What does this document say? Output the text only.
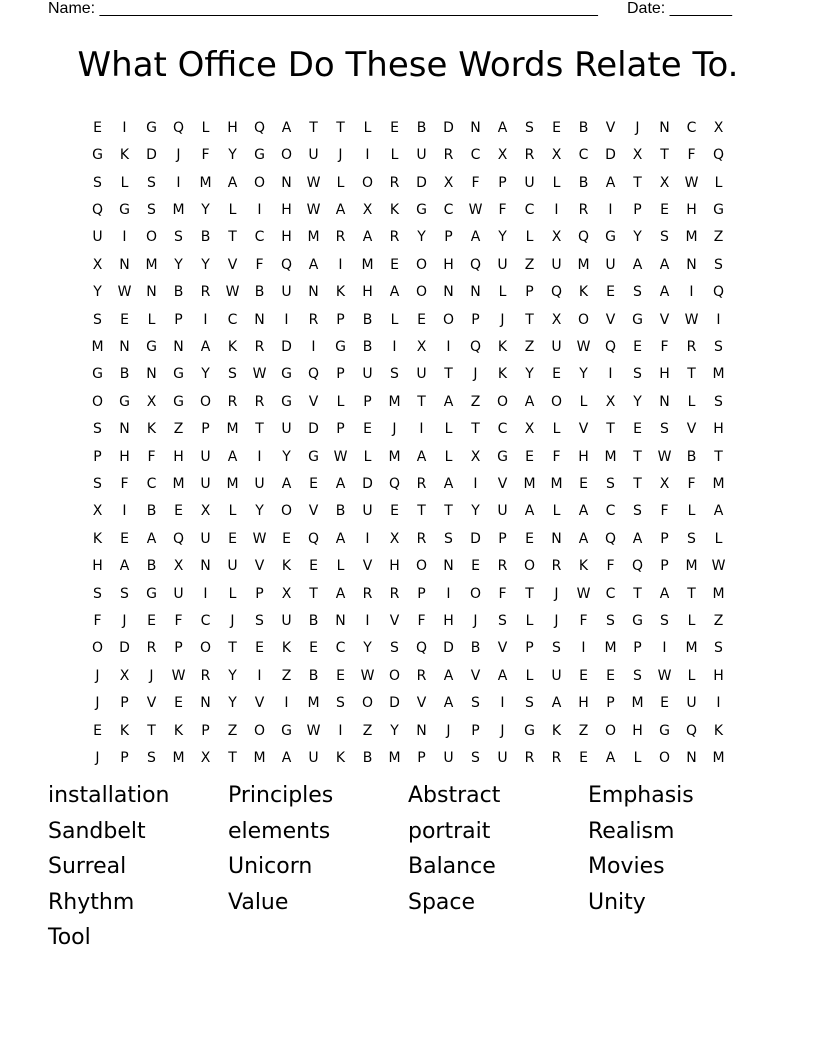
Name: ________________________________________________________ Date: _______
What Office Do These Words Relate To.
E	I	G	Q	L	H	Q	A	T	T	L	E	B	D	N	A	S	E	B	V	J	N	C	X
G	K	D	J	F	Y	G	O	U	J	I	L	U	R	C	X	R	X	C	D	X	T	F	Q
S	L	S	I	M	A	O	N	W	L	O	R	D	X	F	P	U	L	B	A	T	X	W	L
Q	G	S	M	Y	L	I	H	W	A	X	K	G	C	W	F	C	I	R	I	P	E	H	G
U	I	O	S	B	T	C	H	M	R	A	R	Y	P	A	Y	L	X	Q	G	Y	S	M	Z
X	N	M	Y	Y	V	F	Q	A	I	M	E	O	H	Q	U	Z	U	M	U	A	A	N	S
Y	W	N	B	R	W	B	U	N	K	H	A	O	N	N	L	P	Q	K	E	S	A	I	Q
S	E	L	P	I	C	N	I	R	P	B	L	E	O	P	J	T	X	O	V	G	V	W	I
M	N	G	N	A	K	R	D	I	G	B	I	X	I	Q	K	Z	U	W	Q	E	F	R	S
G	B	N	G	Y	S	W	G	Q	P	U	S	U	T	J	K	Y	E	Y	I	S	H	T	M
O	G	X	G	O	R	R	G	V	L	P	M	T	A	Z	O	A	O	L	X	Y	N	L	S
S	N	K	Z	P	M	T	U	D	P	E	J	I	L	T	C	X	L	V	T	E	S	V	H
P	H	F	H	U	A	I	Y	G	W	L	M	A	L	X	G	E	F	H	M	T	W	B	T
S	F	C	M	U	M	U	A	E	A	D	Q	R	A	I	V	M	M	E	S	T	X	F	M
X	I	B	E	X	L	Y	O	V	B	U	E	T	T	Y	U	A	L	A	C	S	F	L	A
K	E	A	Q	U	E	W	E	Q	A	I	X	R	S	D	P	E	N	A	Q	A	P	S	L
H	A	B	X	N	U	V	K	E	L	V	H	O	N	E	R	O	R	K	F	Q	P	M	W
S	S	G	U	I	L	P	X	T	A	R	R	P	I	O	F	T	J	W	C	T	A	T	M
F	J	E	F	C	J	S	U	B	N	I	V	F	H	J	S	L	J	F	S	G	S	L	Z
O	D	R	P	O	T	E	K	E	C	Y	S	Q	D	B	V	P	S	I	M	P	I	M	S
J	X	J	W	R	Y	I	Z	B	E	W	O	R	A	V	A	L	U	E	E	S	W	L	H
J	P	V	E	N	Y	V	I	M	S	O	D	V	A	S	I	S	A	H	P	M	E	U	I
E	K	T	K	P	Z	O	G	W	I	Z	Y	N	J	P	J	G	K	Z	O	H	G	Q	K
J	P	S	M	X	T	M	A	U	K	B	M	P	U	S	U	R	R	E	A	L	O	N	M
installation	Principles	Abstract	Emphasis
Sandbelt	elements	portrait	Realism
Surreal	Unicorn	Balance	Movies
Rhythm	Value	Space	Unity
Tool
